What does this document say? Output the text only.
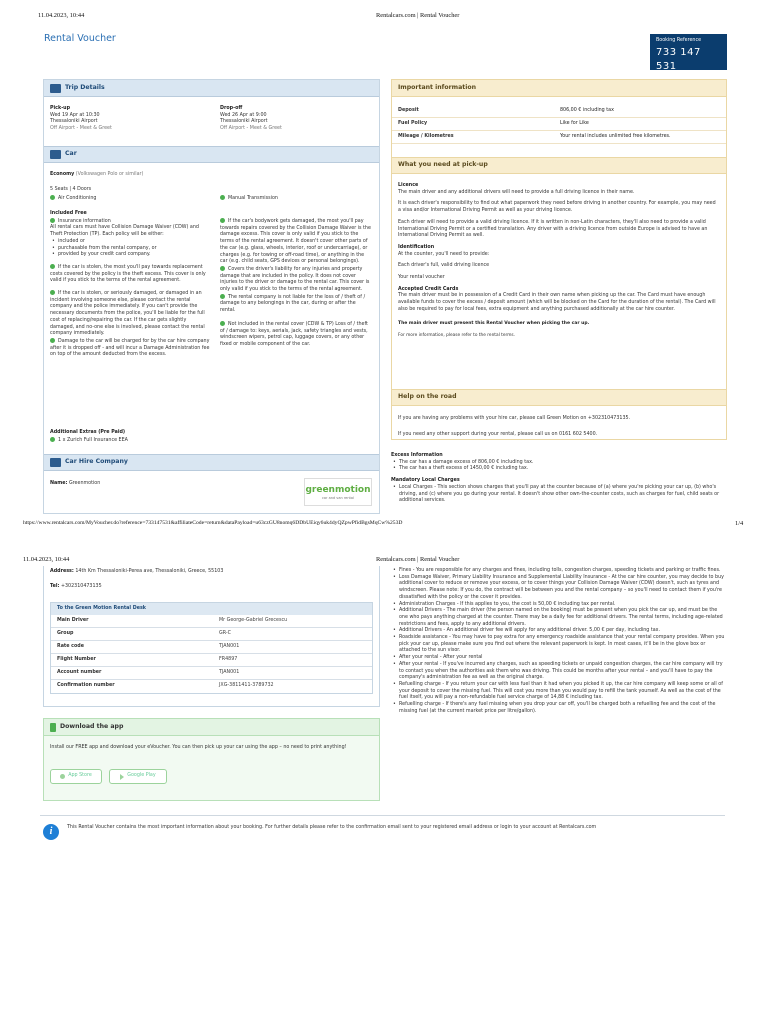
11.04.2023, 10:44	Rentalcars.com | Rental Voucher
Rental Voucher	Booking Reference
733 147 531
Trip Details
Pick-up
Wed 19 Apr at 10:30
Thessaloniki Airport
Off Airport - Meet & Greet
Drop-off
Wed 26 Apr at 9:00
Thessaloniki Airport
Off Airport - Meet & Greet
Car
Economy (Volkswagen Polo or similar)
5 Seats | 4 Doors
Air Conditioning	Manual Transmission
Included Free
Insurance information
All rental cars must have Collision Damage Waiver (CDW) and Theft Protection (TP). Each policy will be either:
• included or
• purchasable from the rental company, or
• provided by your credit card company.
If the car is stolen, the most you'll pay towards replacement costs covered by the policy is the theft excess. This cover is only valid if you stick to the terms of the rental agreement.
If the car is stolen, or seriously damaged, or damaged in an incident involving someone else, please contact the rental company and the police immediately. If you can't provide the necessary documents from the police, you'll be liable for the full cost of replacing/repairing the car. If the car gets slightly damaged, and no-one else is involved, please contact the rental company immediately.
Damage to the car will be charged for by the car hire company after it is dropped off - and will incur a Damage Administration fee on top of the amount deducted from the excess.
If the car's bodywork gets damaged, the most you'll pay towards repairs covered by the Collision Damage Waiver is the damage excess. This cover is only valid if you stick to the terms of the rental agreement. It doesn't cover other parts of the car (e.g. glass, wheels, interior, roof or undercarriage), or charges (e.g. for towing or off-road time), or anything in the car (e.g. child seats, GPS devices or personal belongings).
Covers the driver's liability for any injuries and property damage that are included in the policy. It does not cover injuries to the driver or damage to the rental car. This cover is only valid if you stick to the terms of the rental agreement.
The rental company is not liable for the loss of / theft of / damage to any belongings in the car, during or after the rental.
Not included in the rental cover (CDW & TP) Loss of / theft of / damage to: keys, aerials, jack, safety triangles and vests, windscreen wipers, petrol cap, luggage covers, or any other fixed or mobile component of the car.
Additional Extras (Pre Paid)
1 x Zurich Full Insurance EEA
Car Hire Company
Name: Greenmotion
greenmotion
car and van rental
Important information
Deposit	806,00 € including tax
Fuel Policy	Like for Like
Mileage / Kilometres	Your rental includes unlimited free kilometres.
What you need at pick-up
Licence
The main driver and any additional drivers will need to provide a full driving licence in their name.
It is each driver's responsibility to find out what paperwork they need before driving in another country. For example, you may need a visa and/or International Driving Permit as well as your driving licence.
Each driver will need to provide a valid driving licence. If it is written in non-Latin characters, they'll also need to provide a valid International Driving Permit or a certified translation. Any driver with a driving licence from outside Europe is advised to have an International Driving Permit as well.
Identification
At the counter, you'll need to provide:
Each driver's full, valid driving licence
Your rental voucher
Accepted Credit Cards
The main driver must be in possession of a Credit Card in their own name when picking up the car. The Card must have enough available funds to cover the excess / deposit amount (which will be blocked on the Card for the duration of the rental). The Card will also be required to pay for local fees, extra equipment and anything purchased additionally at the car hire counter.
The main driver must present this Rental Voucher when picking the car up.
For more information, please refer to the rental terms.
Help on the road
If you are having any problems with your hire car, please call Green Motion on +302310473135.
If you need any other support during your rental, please call us on 0161 602 5400.
Excess Information
• The car has a damage excess of 806,00 € including tax.
• The car has a theft excess of 1450,00 € including tax.
Mandatory Local Charges
• Local Charges - This section shows charges that you'll pay at the counter because of (a) where you're picking your car up, (b) who's driving, and (c) where you go during your rental. It doesn't show other own-the-counter costs, such as charges for fuel, child seats or additional services.
https://www.rentalcars.com/MyVoucher.do?reference=733147531&affiliateCode=return&dataPayload=u63czGU8nomq6DDbUEiqy6uk4dyQZpwPfidBgsMqCw%253D	1/4
11.04.2023, 10:44	Rentalcars.com | Rental Voucher
Address: 14th Km Thessaloniki-Perea ave, Thessaloniki, Greece, 55103
Tel: +302310473135
To the Green Motion Rental Desk
Main Driver	Mr George-Gabriel Grecescu
Group	GR-C
Rate code	TJAN001
Flight Number	FR4897
Account number	TJAN001
Confirmation number	JXG-3811411-3789732
Download the app
Install our FREE app and download your eVoucher. You can then pick up your car using the app – no need to print anything!
App Store	Google Play
• Fines - You are responsible for any charges and fines, including tolls, congestion charges, speeding tickets and parking or traffic fines.
• Loss Damage Waiver, Primary Liability Insurance and Supplemental Liability Insurance - At the car hire counter, you may decide to buy additional cover to reduce or remove your excess, or to cover things your Collision Damage Waiver (CDW) doesn't, such as tyres and windscreen. Please note: If you do, the contract will be between you and the rental company – so you'll need to contact them if you're dissatisfied with the policy or the cover it provides.
• Administration Charges - If this applies to you, the cost is 50,00 € including tax per rental.
• Additional Drivers - The main driver (the person named on the booking) must be present when you pick the car up, and must be the one who pays anything charged at the counter. There may be a daily fee for additional drivers. The rental terms, including age-related restrictions and fees, apply to any additional drivers.
• Additional Drivers - An additional driver fee will apply for any additional driver. 5,00 € per day, including tax.
• Roadside assistance - You may have to pay extra for any emergency roadside assistance that your rental company provides. When you pick your car up, please make sure you find out where the relevant paperwork is kept. In most cases, it'll be in the glove box or attached to the sun visor.
• After your rental - After your rental
• After your rental - If you've incurred any charges, such as speeding tickets or unpaid congestion charges, the car hire company will try to contact you when the authorities ask them who was driving. This could be months after your rental – and you'll have to pay the company's administration fee as well as the original charge.
• Refuelling charge - If you return your car with less fuel than it had when you picked it up, the car hire company will keep some or all of your deposit to cover the missing fuel. This will cost you more than you would pay to refill the tank yourself. As well as the cost of the fuel itself, you will pay a non-refundable fuel service charge of 14,88 € including tax.
• Refuelling charge - If there's any fuel missing when you drop your car off, you'll be charged both a refuelling fee and the cost of the missing fuel (at the current market price per litre/gallon).
i	This Rental Voucher contains the most important information about your booking. For further details please refer to the confirmation email sent to your registered email address or login to your account at Rentalcars.com
